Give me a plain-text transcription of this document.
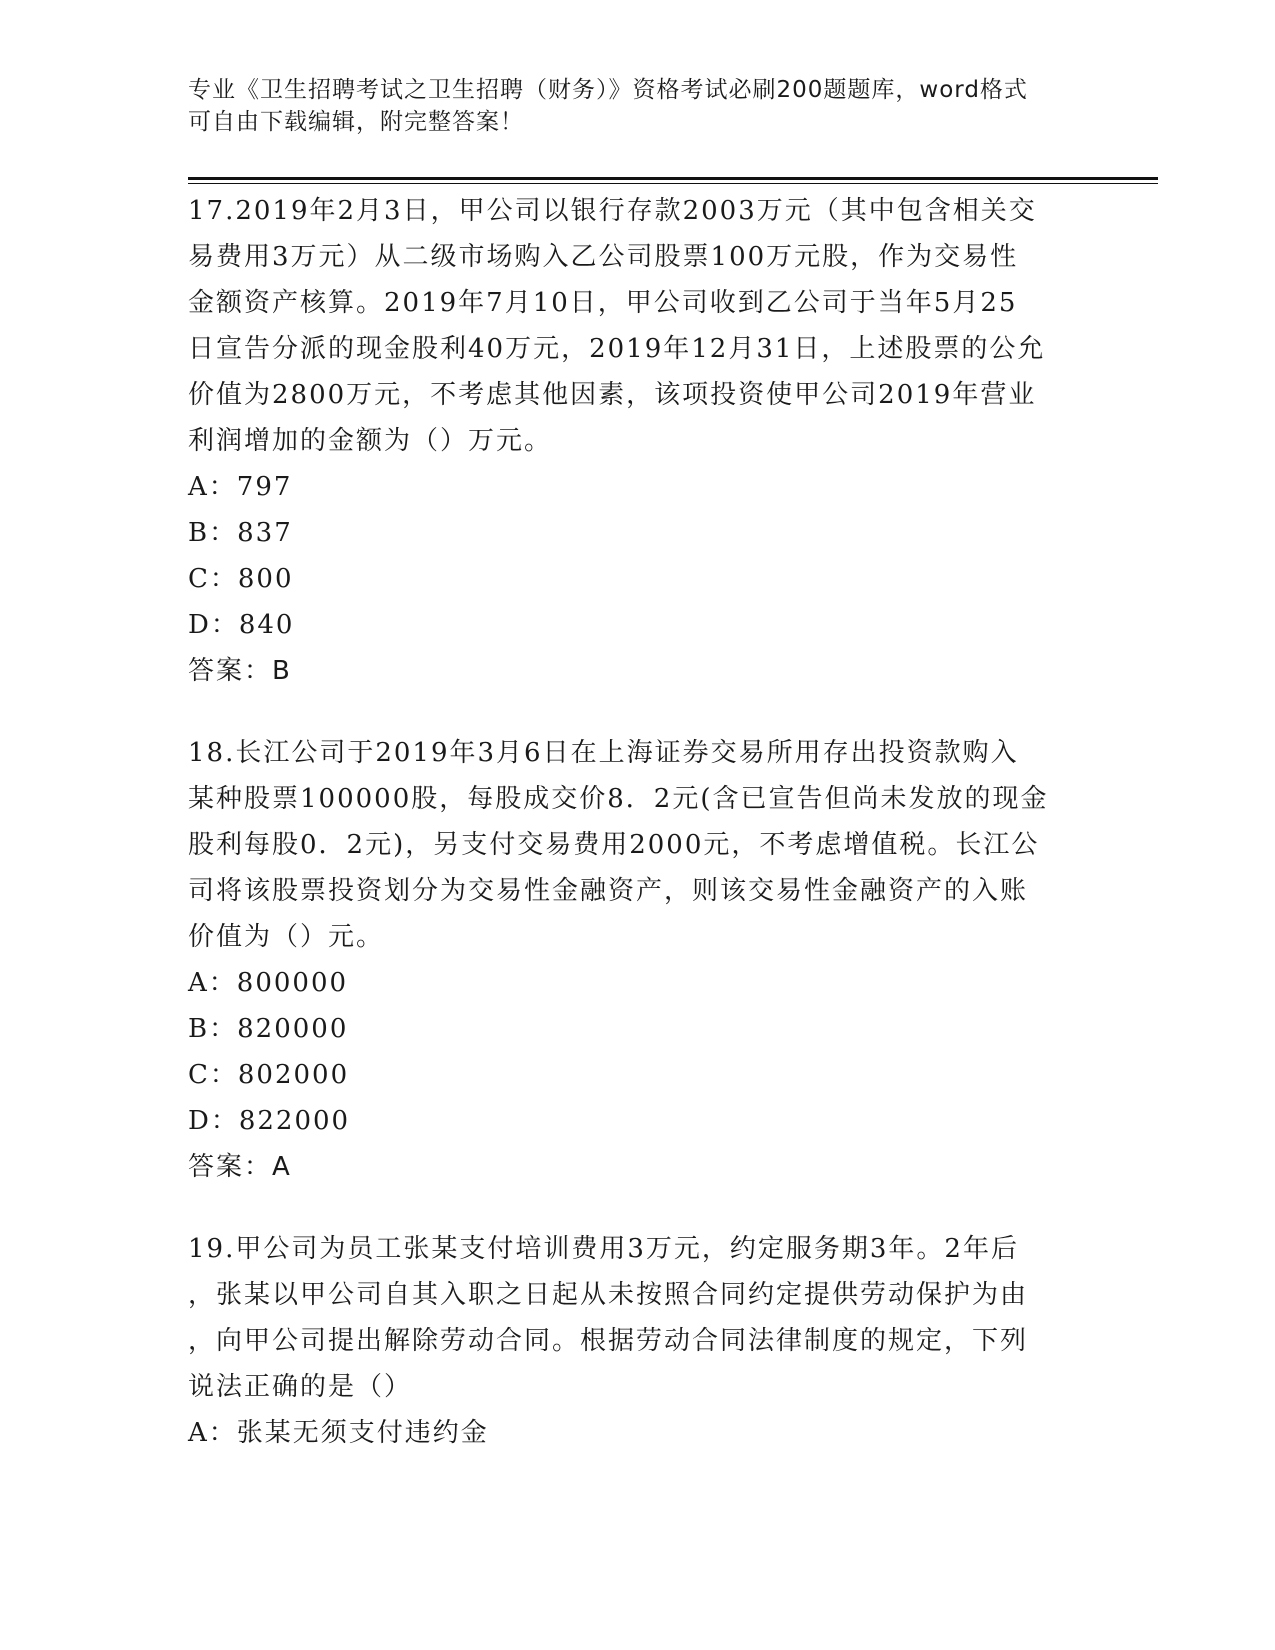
专业《卫生招聘考试之卫生招聘（财务）》资格考试必刷200题题库，word格式
可自由下载编辑，附完整答案！
17.2019年2月3日，甲公司以银行存款2003万元（其中包含相关交
易费用3万元）从二级市场购入乙公司股票100万元股，作为交易性
金额资产核算。2019年7月10日，甲公司收到乙公司于当年5月25
日宣告分派的现金股利40万元，2019年12月31日，上述股票的公允
价值为2800万元，不考虑其他因素，该项投资使甲公司2019年营业
利润增加的金额为（）万元。
A：797
B：837
C：800
D：840
答案：B
18.长江公司于2019年3月6日在上海证券交易所用存出投资款购入
某种股票100000股，每股成交价8．2元(含已宣告但尚未发放的现金
股利每股0．2元)，另支付交易费用2000元，不考虑增值税。长江公
司将该股票投资划分为交易性金融资产，则该交易性金融资产的入账
价值为（）元。
A：800000
B：820000
C：802000
D：822000
答案：A
19.甲公司为员工张某支付培训费用3万元，约定服务期3年。2年后
，张某以甲公司自其入职之日起从未按照合同约定提供劳动保护为由
，向甲公司提出解除劳动合同。根据劳动合同法律制度的规定，下列
说法正确的是（）
A：张某无须支付违约金
